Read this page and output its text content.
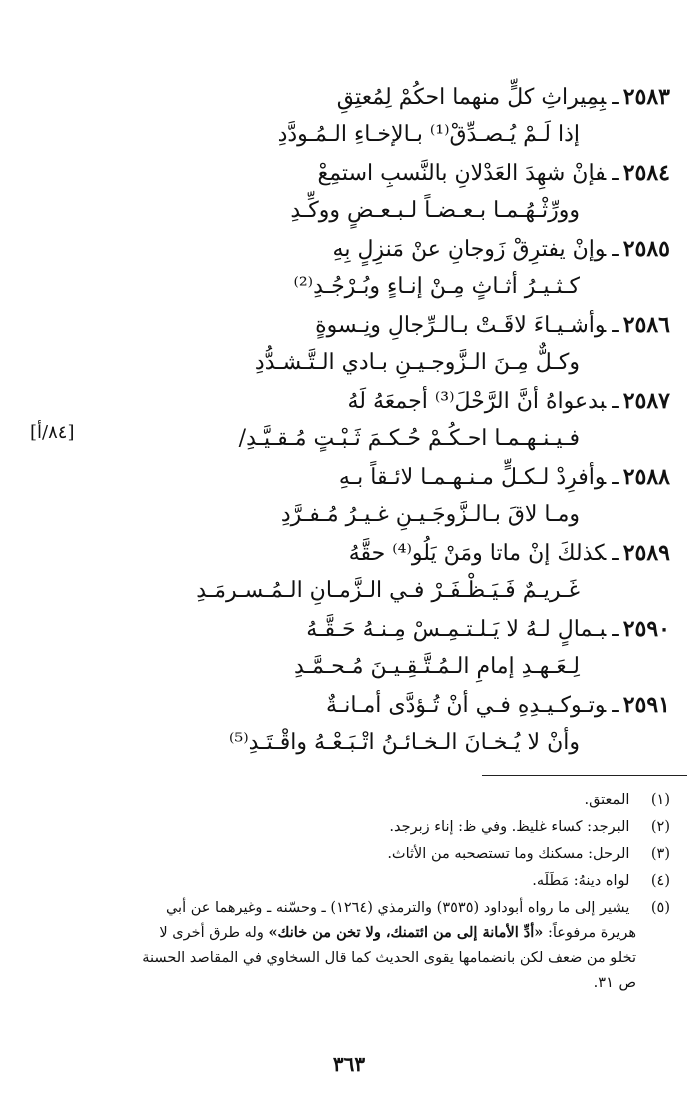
٢٥٨٣ـبِمِيراثِ كلٍّ منهما احكُمْ لِمُعتِقِ
إذا لَـمْ يُـصـدِّقْ⁽¹⁾ بـالإخـاءِ الـمُـودَّدِ
٢٥٨٤ـفإنْ شهِدَ العَدْلانِ بالنَّسبِ استمِعْ
وورِّثْـهُـمـا بـعـضـاً لـبـعـضٍ ووكِّـدِ
٢٥٨٥ـوإنْ يفترِقْ زَوجانِ عنْ مَنزِلٍ بِهِ
كـثـيـرُ أثـاثٍ مِـنْ إنـاءٍ وبُـرْجُـدِ⁽²⁾
٢٥٨٦ـوأشـيـاءَ لاقَـتْ بـالـرِّجالِ ونِـسوةٍ
وكـلٌّ مِـنَ الـزَّوجـيـنِ بـادي الـتَّـشـدُّدِ
٢٥٨٧ـبدعواهُ أنَّ الرَّحْلَ⁽³⁾ أجمعَهُ لَهُ
فـيـنـهـمـا احـكُـمْ حُـكـمَ ثَـبْـتٍ مُـقـيَّـدِ/
[٨٤/أ]
٢٥٨٨ـوأفرِدْ لـكـلٍّ مـنـهـمـا لائـقاً بـهِ
ومـا لاقَ بـالـزَّوجَـيـنِ غـيـرُ مُـفـرَّدِ
٢٥٨٩ـكذلكَ إنْ ماتا ومَنْ يَلُو⁽⁴⁾ حقَّهُ
غَـريـمٌ فَـيَـظْـفَـرْ فـي الـزَّمـانِ الـمُـسـرمَـدِ
٢٥٩٠ـبـمالٍ لـهُ لا يَـلـتـمِـسْ مِـنـهُ حَـقَّـهُ
لِـعَـهـدِ إمامِ الـمُـتَّـقِـيـنَ مُـحـمَّـدِ
٢٥٩١ـوتـوكـيـدِهِ فـي أنْ تُـؤدَّى أمـانـةٌ
وأنْ لا يُـخـانَ الـخـائـنُ اتْـبَـعْـهُ واقْـتَـدِ⁽⁵⁾
(١) المعتق.
(٢) البرجد: كساء غليظ. وفي ظ: إناء زبرجد.
(٣) الرحل: مسكنك وما تستصحبه من الأثاث.
(٤) لواه دينهُ: مَطَلَه.
(٥) يشير إلى ما رواه أبوداود (٣٥٣٥) والترمذي (١٢٦٤) ـ وحسّنه ـ وغيرهما عن أبي
هريرة مرفوعاً: «أدِّ الأمانة إلى من ائتمنك، ولا تخن من خانك» وله طرق أخرى لا
تخلو من ضعف لكن بانضمامها يقوى الحديث كما قال السخاوي في المقاصد الحسنة
ص ٣١.
٣٦٣
